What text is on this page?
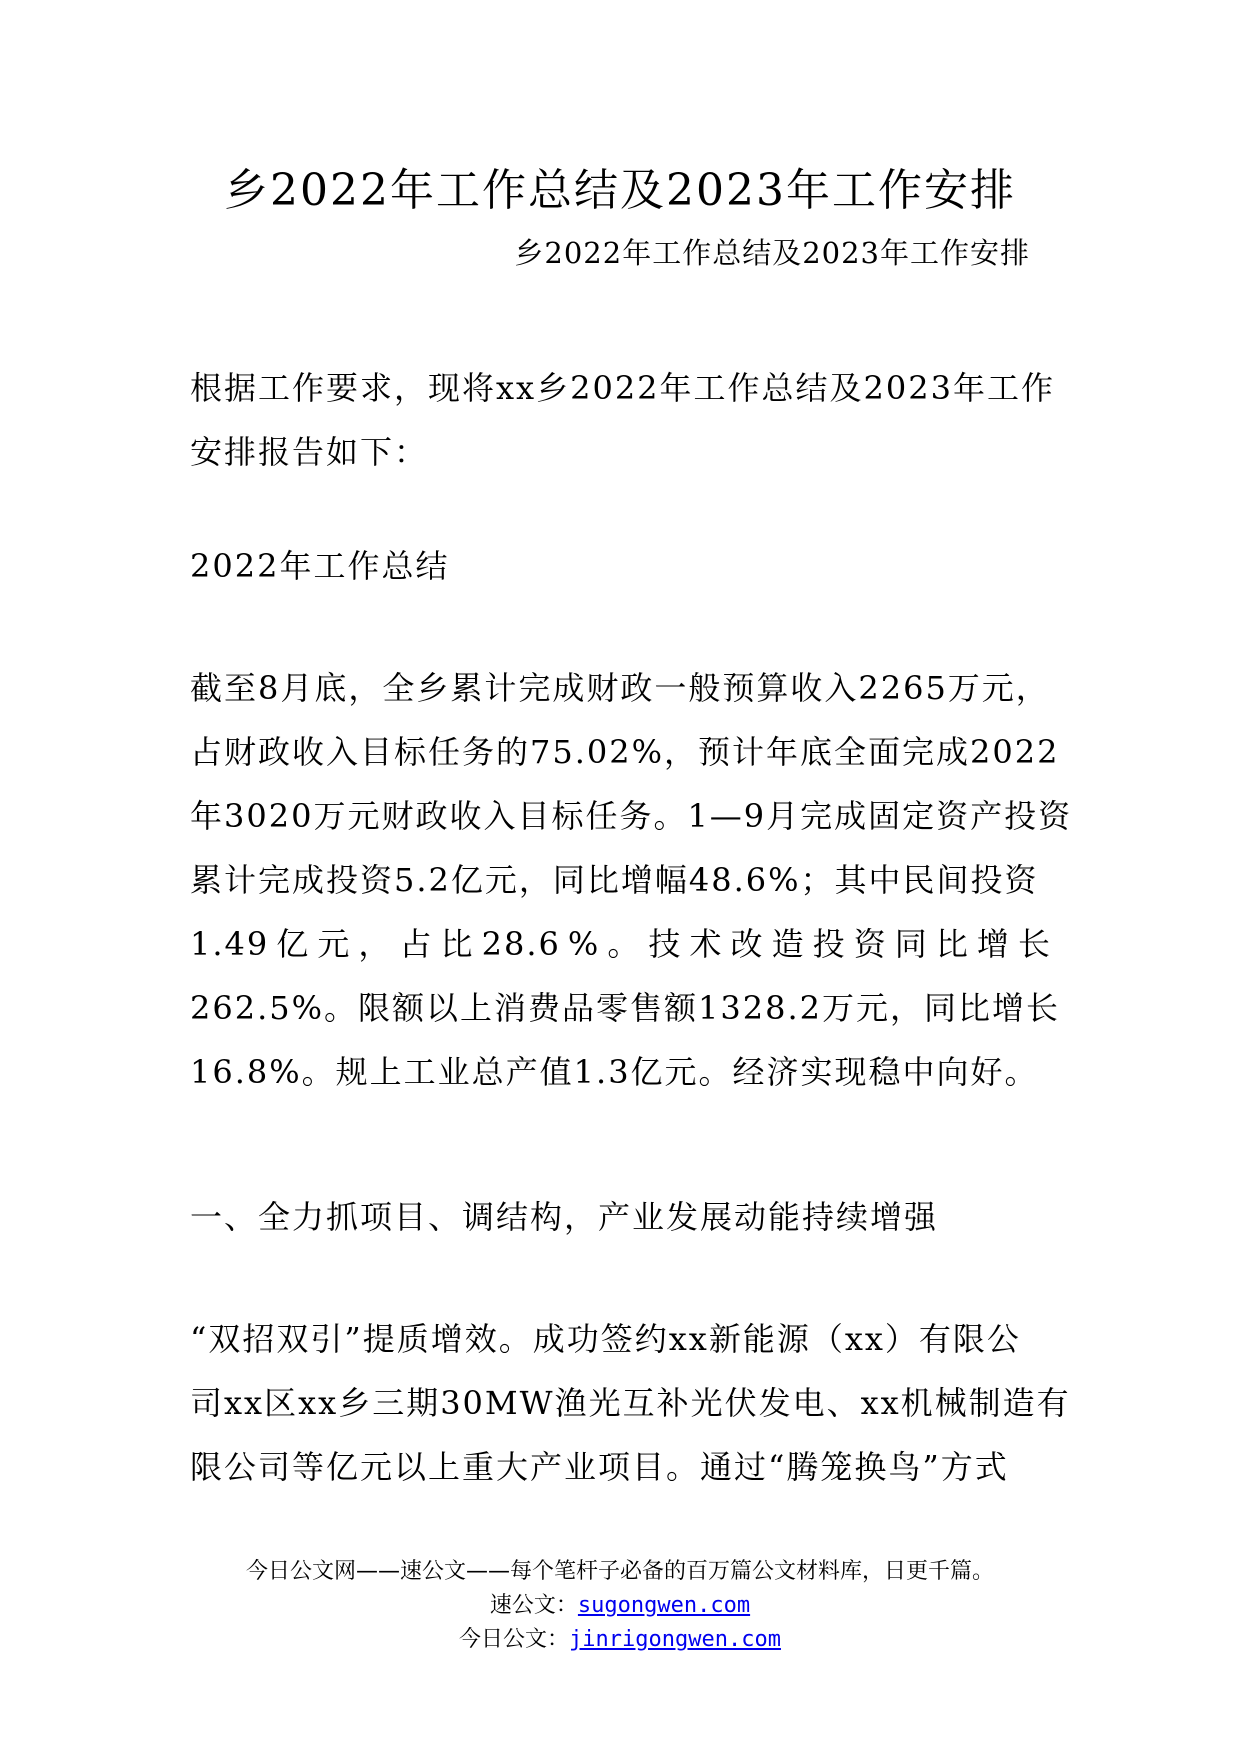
乡2022年工作总结及2023年工作安排
乡2022年工作总结及2023年工作安排
根据工作要求，现将xx乡2022年工作总结及2023年工作
安排报告如下：
2022年工作总结
截至8月底，全乡累计完成财政一般预算收入2265万元，
占财政收入目标任务的75.02%，预计年底全面完成2022
年3020万元财政收入目标任务。1—9月完成固定资产投资
累计完成投资5.2亿元，同比增幅48.6%；其中民间投资
1.49 亿 元 ， 占 比 28.6 % 。 技 术 改 造 投 资 同 比 增 长
262.5%。限额以上消费品零售额1328.2万元，同比增长
16.8%。规上工业总产值1.3亿元。经济实现稳中向好。
一、全力抓项目、调结构，产业发展动能持续增强
“双招双引”提质增效。成功签约xx新能源（xx）有限公
司xx区xx乡三期30MW渔光互补光伏发电、xx机械制造有
限公司等亿元以上重大产业项目。通过“腾笼换鸟”方式
今日公文网——速公文——每个笔杆子必备的百万篇公文材料库，日更千篇。
速公文：sugongwen.com
今日公文：jinrigongwen.com
